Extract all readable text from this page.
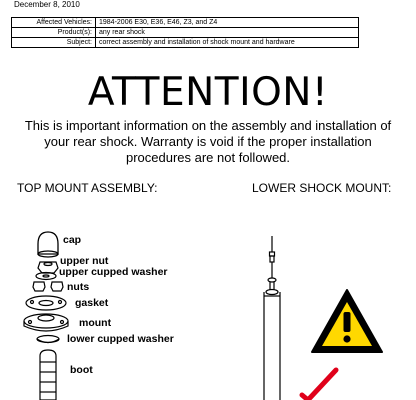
December 8, 2010
Affected Vehicles:	1984-2006 E30, E36, E46, Z3, and Z4
Product(s):	any rear shock
Subject:	correct assembly and installation of shock mount and hardware
ATTENTION!
This is important information on the assembly and installation of your rear shock. Warranty is void if the proper installation procedures are not followed.
TOP MOUNT ASSEMBLY:	LOWER SHOCK MOUNT:
cap
upper nut
upper cupped washer
nuts
gasket
mount
lower cupped washer
boot
